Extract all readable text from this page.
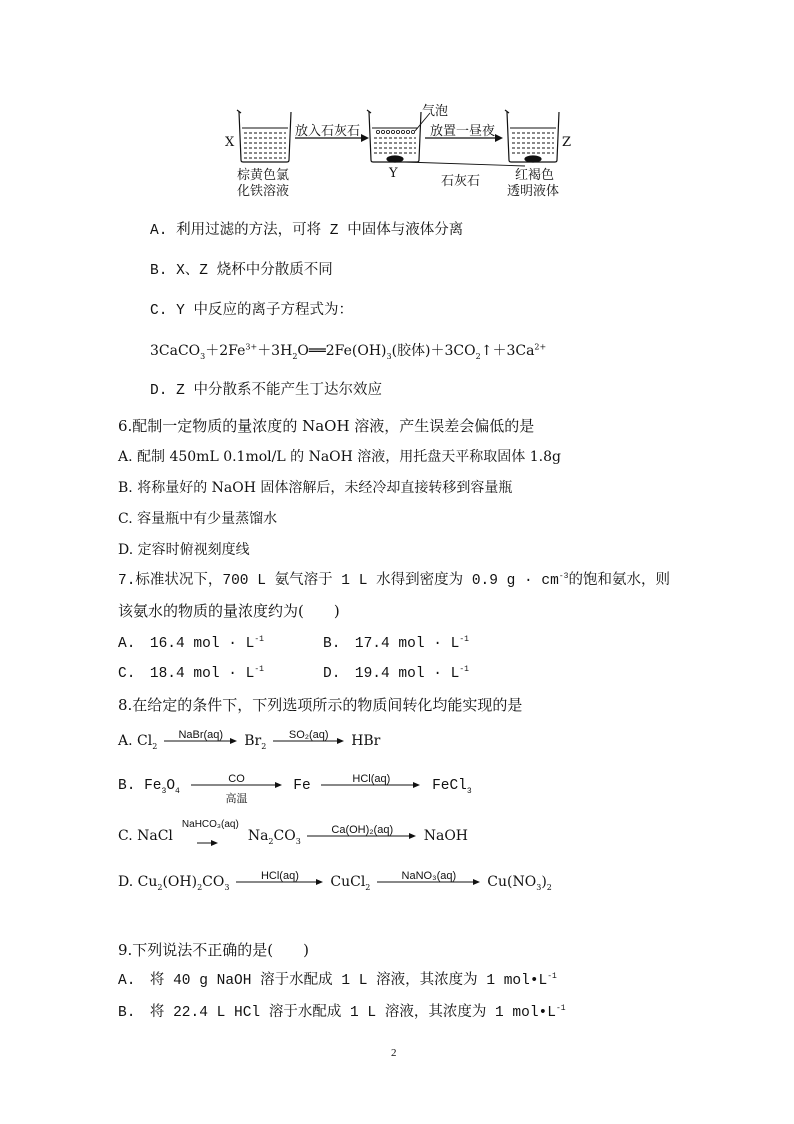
X
Y
Z
放入石灰石	放置一昼夜
气泡
石灰石
棕黄色氯
化铁溶液
红褐色
透明液体
A. 利用过滤的方法，可将 Z 中固体与液体分离
B. X、Z 烧杯中分散质不同
C. Y 中反应的离子方程式为：
$3CaCO_3+2Fe^{3+}+3H_2O══2Fe(OH)_3$(胶体)$+3CO_2↑+3Ca^{2+}$
D. Z 中分散系不能产生丁达尔效应
6.配制一定物质的量浓度的 NaOH 溶液，产生误差会偏低的是
A. 配制 450mL 0.1mol/L 的 NaOH 溶液，用托盘天平称取固体 1.8g
B. 将称量好的 NaOH 固体溶解后，未经冷却直接转移到容量瓶
C. 容量瓶中有少量蒸馏水
D. 定容时俯视刻度线
7.标准状况下，700 L 氨气溶于 1 L 水得到密度为 0.9 $g \cdot cm^{-3}$的饱和氨水，则
该氨水的物质的量浓度约为(　　)
A.　16.4 mol · $L^{-1}$	B.　17.4 mol · $L^{-1}$
C.　18.4 mol · $L^{-1}$	D.　19.4 mol · $L^{-1}$
8.在给定的条件下，下列选项所示的物质间转化均能实现的是
A. $Cl_2$
NaBr(aq)	$Br_2$
SO₂(aq)	HBr
B. $Fe_3O_4$
CO
高温
Fe	HCl(aq)	FeCl$_3$
C. NaCl
NaHCO₃(aq)
$Na_2CO_3$
Ca(OH)₂(aq)	NaOH
D. $Cu_2(OH)_2CO_3$
HCl(aq)	CuCl$_2$
NaNO₃(aq)	$Cu(NO_3)_2$
9.下列说法不正确的是(　　)
A.　将 40 g NaOH 溶于水配成 1 L 溶液，其浓度为 1 $mol•L^{-1}$
B.　将 22.4 L HCl 溶于水配成 1 L 溶液，其浓度为 1 $mol•L^{-1}$
2
